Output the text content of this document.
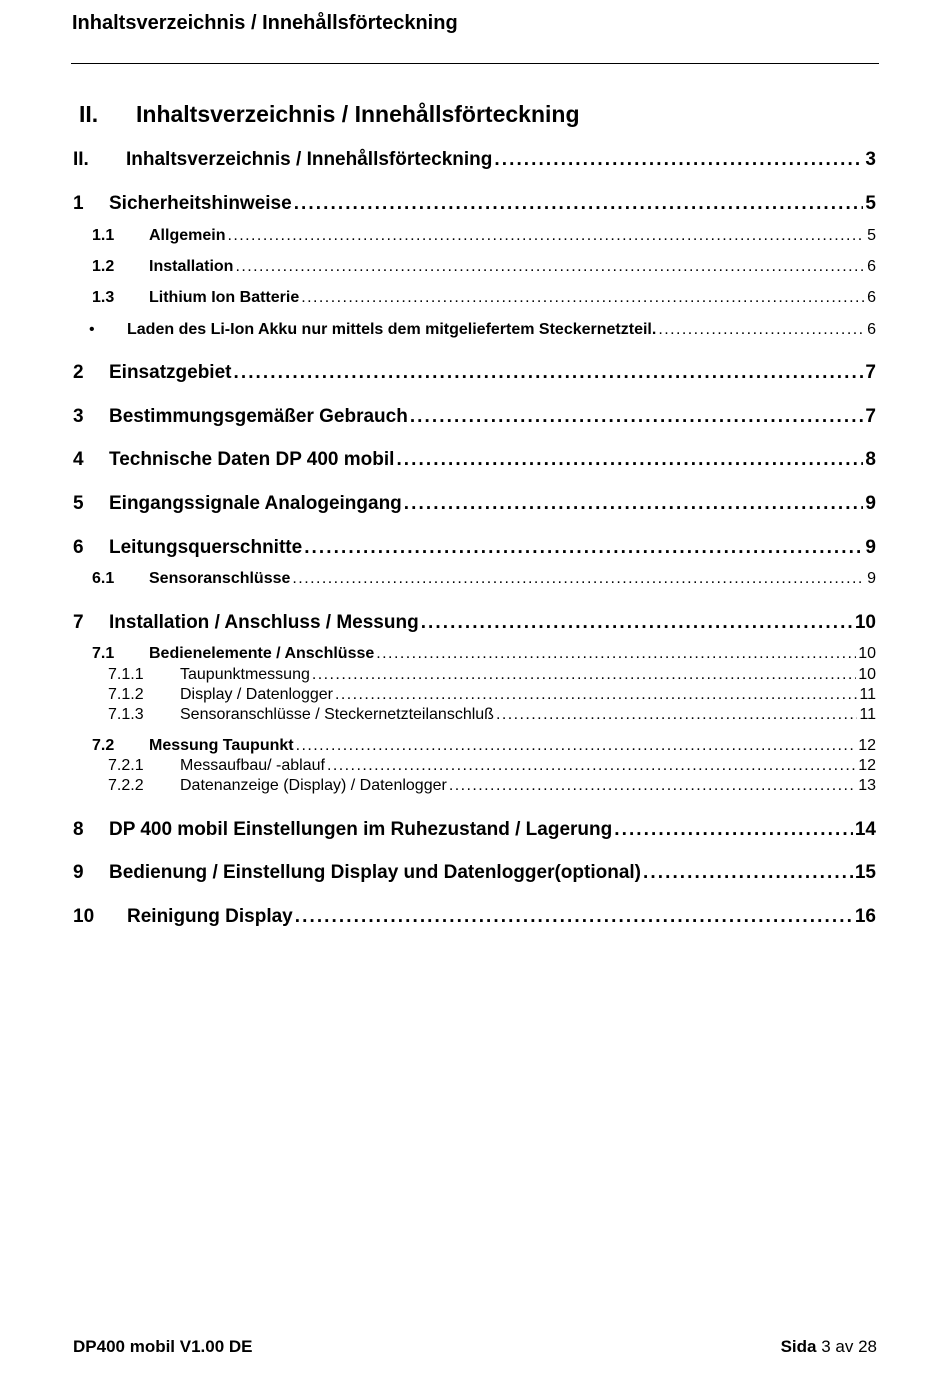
Inhaltsverzeichnis / Innehållsförteckning
II. Inhaltsverzeichnis / Innehållsförteckning
II.	Inhaltsverzeichnis / Innehållsförteckning . . .	3
1	Sicherheitshinweise . . .	5
1.1	Allgemein . . .	5
1.2	Installation . . .	6
1.3	Lithium Ion Batterie . . .	6
•	Laden des Li-Ion Akku nur mittels dem mitgeliefertem Steckernetzteil. . . .	6
2	Einsatzgebiet . . .	7
3	Bestimmungsgemäßer Gebrauch . . .	7
4	Technische Daten DP 400 mobil . . .	8
5	Eingangssignale Analogeingang . . .	9
6	Leitungsquerschnitte . . .	9
6.1	Sensoranschlüsse . . .	9
7	Installation / Anschluss / Messung . . .	10
7.1	Bedienelemente / Anschlüsse . . .	10
7.1.1	Taupunktmessung . . .	10
7.1.2	Display / Datenlogger . . .	11
7.1.3	Sensoranschlüsse / Steckernetzteilanschluß . . .	11
7.2	Messung Taupunkt . . .	12
7.2.1	Messaufbau/ -ablauf . . .	12
7.2.2	Datenanzeige (Display) / Datenlogger . . .	13
8	DP 400 mobil Einstellungen im Ruhezustand / Lagerung . . .	14
9	Bedienung / Einstellung Display und Datenlogger(optional) . . .	15
10	Reinigung Display . . .	16
DP400 mobil V1.00 DE	Sida 3 av 28
